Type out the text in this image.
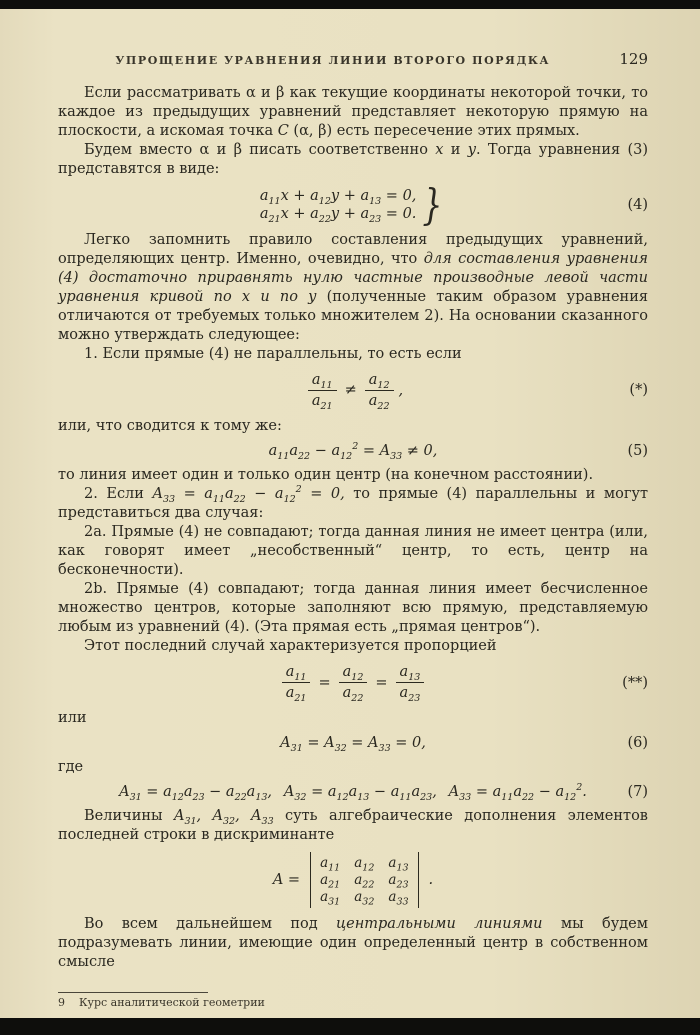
УПРОЩЕНИЕ УРАВНЕНИЯ ЛИНИИ ВТОРОГО ПОРЯДКА	129

Если рассматривать α и β как текущие координаты некоторой точки, то каждое из предыдущих уравнений представляет некоторую прямую на плоскости, а искомая точка C (α, β) есть пересечение этих прямых.

Будем вместо α и β писать соответственно x и y. Тогда уравнения (3) представятся в виде:

$a_{11}x + a_{12}y + a_{13} = 0$,
$a_{21}x + a_{22}y + a_{23} = 0$. }	(4)

Легко запомнить правило составления предыдущих уравнений, определяющих центр. Именно, очевидно, что для составления уравнения (4) достаточно приравнять нулю частные производные левой части уравнения кривой по x и по y (полученные таким образом уравнения отличаются от требуемых только множителем 2). На основании сказанного можно утверждать следующее:

1. Если прямые (4) не параллельны, то есть если

$\frac{a_{11}}{a_{21}} \ne \frac{a_{12}}{a_{22}}$ ,	(*)

или, что сводится к тому же:

$a_{11}a_{22} - a_{12}^2 = A_{33} \ne 0$,	(5)

то линия имеет один и только один центр (на конечном расстоянии).

2. Если $A_{33} = a_{11}a_{22} - a_{12}^2 = 0$, то прямые (4) параллельны и могут представиться два случая:

2а. Прямые (4) не совпадают; тогда данная линия не имеет центра (или, как говорят имеет „несобственный“ центр, то есть, центр на бесконечности).

2b. Прямые (4) совпадают; тогда данная линия имеет бесчисленное множество центров, которые заполняют всю прямую, представляемую любым из уравнений (4). (Эта прямая есть „прямая центров“).

Этот последний случай характеризуется пропорцией

$\frac{a_{11}}{a_{21}} = \frac{a_{12}}{a_{22}} = \frac{a_{13}}{a_{23}}$	(**)

или

$A_{31} = A_{32} = A_{33} = 0$,	(6)

где

$A_{31} = a_{12}a_{23} - a_{22}a_{13}$,  $A_{32} = a_{12}a_{13} - a_{11}a_{23}$,  $A_{33} = a_{11}a_{22} - a_{12}^2$.	(7)

Величины $A_{31}$, $A_{32}$, $A_{33}$ суть алгебраические дополнения элементов последней строки в дискриминанте

A =
$a_{11}$ $a_{12}$ $a_{13}$
$a_{21}$ $a_{22}$ $a_{23}$
$a_{31}$ $a_{32}$ $a_{33}$
.

Во всем дальнейшем под центральными линиями мы будем подразумевать линии, имеющие один определенный центр в собственном смысле

9 Курс аналитической геометрии
